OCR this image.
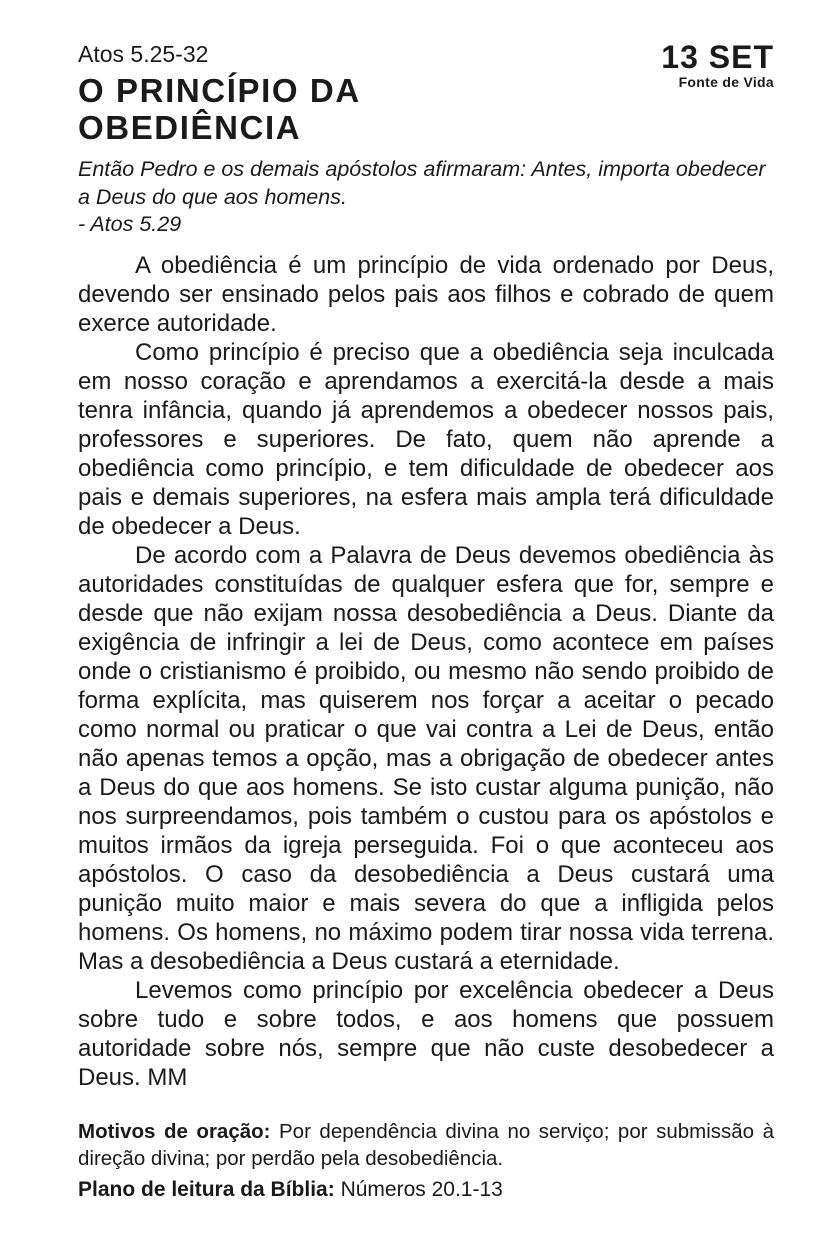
Atos 5.25-32
O PRINCÍPIO DA
OBEDIÊNCIA
13 SET
Fonte de Vida
Então Pedro e os demais apóstolos afirmaram: Antes, importa obedecer a Deus do que aos homens.
- Atos 5.29

A obediência é um princípio de vida ordenado por Deus, devendo ser ensinado pelos pais aos filhos e cobrado de quem exerce autoridade.

Como princípio é preciso que a obediência seja inculcada em nosso coração e aprendamos a exercitá-la desde a mais tenra infância, quando já aprendemos a obedecer nossos pais, professores e superiores. De fato, quem não aprende a obediência como princípio, e tem dificuldade de obedecer aos pais e demais superiores, na esfera mais ampla terá dificuldade de obedecer a Deus.

De acordo com a Palavra de Deus devemos obediência às autoridades constituídas de qualquer esfera que for, sempre e desde que não exijam nossa desobediência a Deus. Diante da exigência de infringir a lei de Deus, como acontece em países onde o cristianismo é proibido, ou mesmo não sendo proibido de forma explícita, mas quiserem nos forçar a aceitar o pecado como normal ou praticar o que vai contra a Lei de Deus, então não apenas temos a opção, mas a obrigação de obedecer antes a Deus do que aos homens. Se isto custar alguma punição, não nos surpreendamos, pois também o custou para os apóstolos e muitos irmãos da igreja perseguida. Foi o que aconteceu aos apóstolos. O caso da desobediência a Deus custará uma punição muito maior e mais severa do que a infligida pelos homens. Os homens, no máximo podem tirar nossa vida terrena. Mas a desobediência a Deus custará a eternidade.

Levemos como princípio por excelência obedecer a Deus sobre tudo e sobre todos, e aos homens que possuem autoridade sobre nós, sempre que não custe desobedecer a Deus. MM

Motivos de oração: Por dependência divina no serviço; por submissão à direção divina; por perdão pela desobediência.
Plano de leitura da Bíblia: Números 20.1-13
